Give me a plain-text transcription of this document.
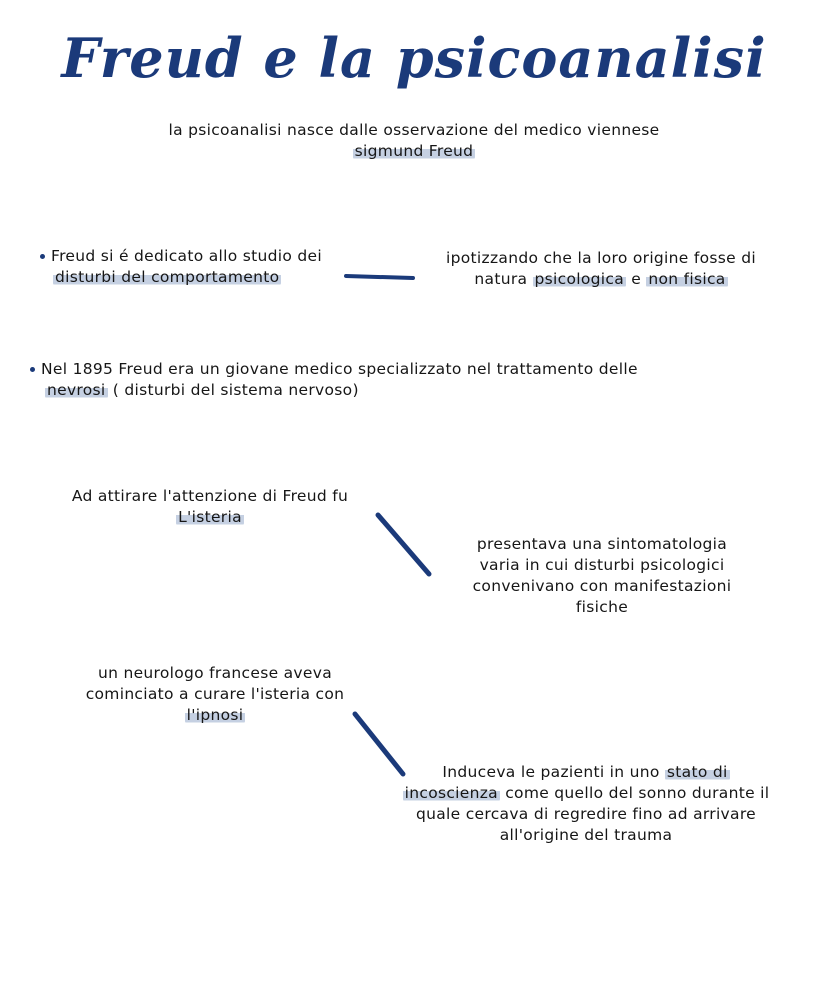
Freud e la psicoanalisi
la psicoanalisi nasce dalle osservazione del medico viennese
sigmund Freud
Freud si é dedicato allo studio dei
disturbi del comportamento
ipotizzando che la loro origine fosse di
natura psicologica e non fisica
Nel 1895 Freud era un giovane medico specializzato nel trattamento delle
nevrosi ( disturbi del sistema nervoso)
Ad attirare l'attenzione di Freud fu
L'isteria
presentava una sintomatologia
varia in cui disturbi psicologici
convenivano con manifestazioni
fisiche
un neurologo francese aveva
cominciato a curare l'isteria con
l'ipnosi
Induceva le pazienti in uno stato di
incoscienza come quello del sonno durante il
quale cercava di regredire fino ad arrivare
all'origine del trauma
